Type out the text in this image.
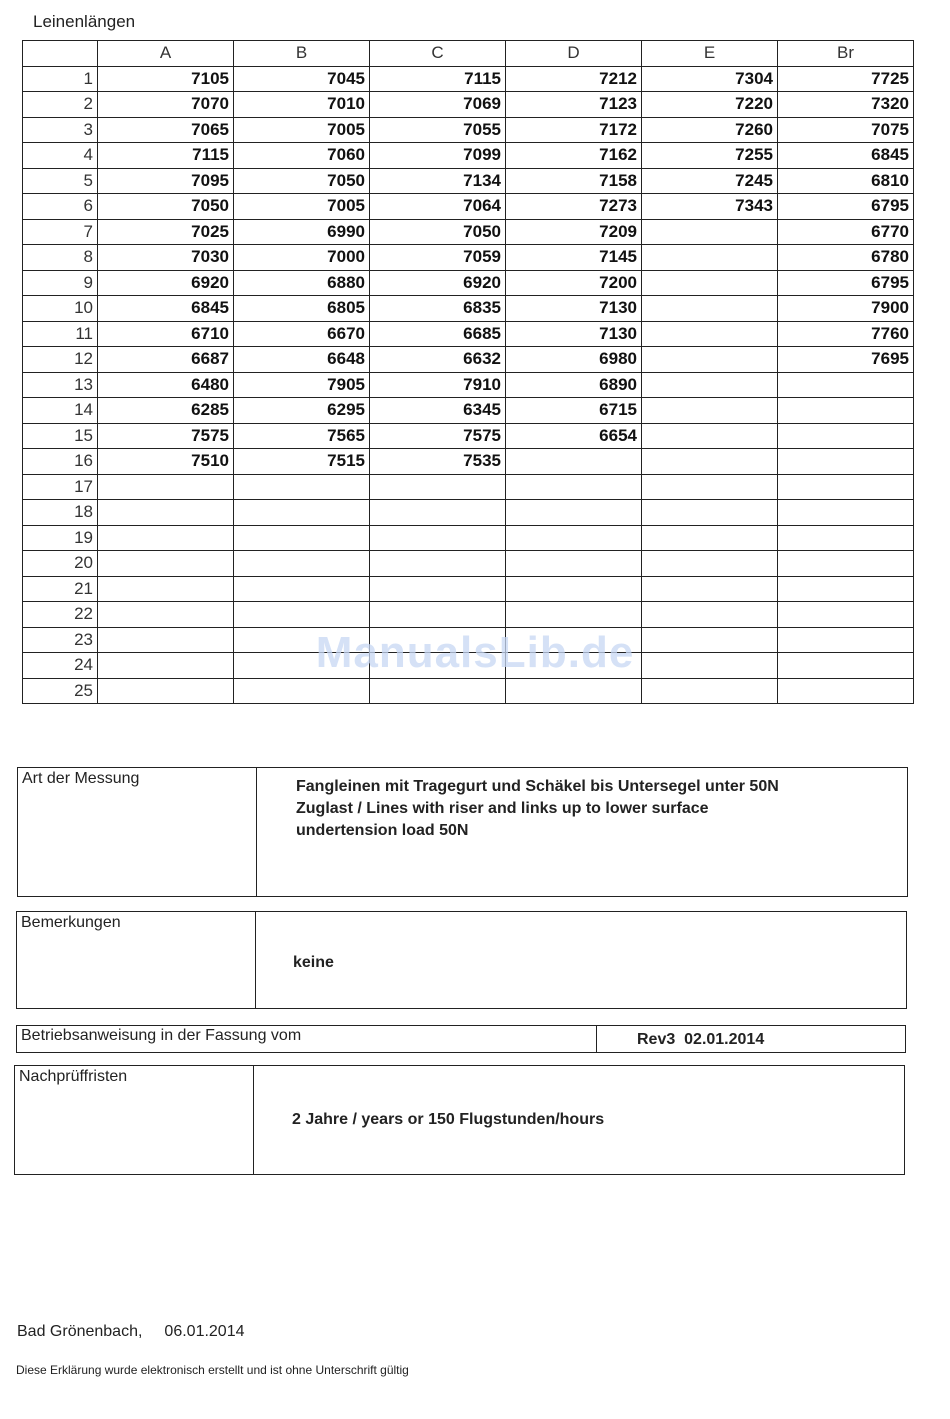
Leinenlängen
	A	B	C	D	E	Br
1	7105	7045	7115	7212	7304	7725
2	7070	7010	7069	7123	7220	7320
3	7065	7005	7055	7172	7260	7075
4	7115	7060	7099	7162	7255	6845
5	7095	7050	7134	7158	7245	6810
6	7050	7005	7064	7273	7343	6795
7	7025	6990	7050	7209		6770
8	7030	7000	7059	7145		6780
9	6920	6880	6920	7200		6795
10	6845	6805	6835	7130		7900
11	6710	6670	6685	7130		7760
12	6687	6648	6632	6980		7695
13	6480	7905	7910	6890		
14	6285	6295	6345	6715		
15	7575	7565	7575	6654		
16	7510	7515	7535			
17						
18						
19						
20						
21						
22						
23						
24						
25						
ManualsLib.de
Art der Messung	Fangleinen mit Tragegurt und Schäkel bis Untersegel unter 50N
Zuglast / Lines with riser and links up to lower surface
undertension load 50N
Bemerkungen
keine
Betriebsanweisung in der Fassung vom	Rev3  02.01.2014
Nachprüffristen
2 Jahre / years or 150 Flugstunden/hours
Bad Grönenbach, 06.01.2014
Diese Erklärung wurde elektronisch erstellt und ist ohne Unterschrift gültig
